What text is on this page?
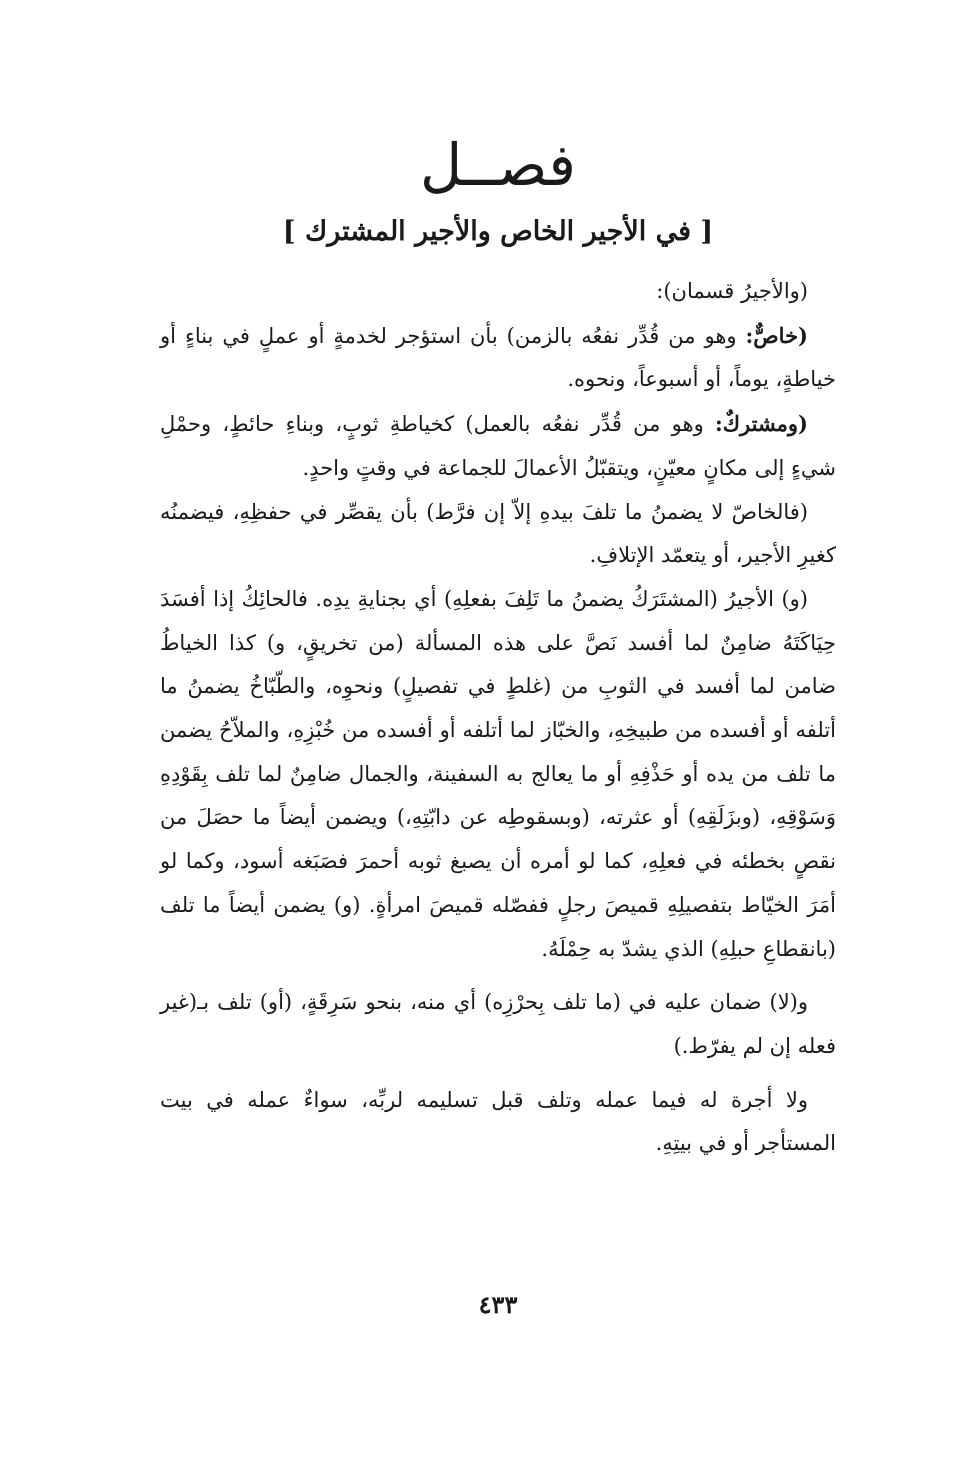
فصــل
[ في الأجير الخاص والأجير المشترك ]

(والأجيرُ قسمان):

(خاصٌّ: وهو من قُدِّر نفعُه بالزمن) بأن استؤجر لخدمةٍ أو عملٍ في بناءٍ أو خياطةٍ، يوماً، أو أسبوعاً، ونحوه.

(ومشتركٌ: وهو من قُدِّر نفعُه بالعمل) كخياطةِ ثوبٍ، وبناءِ حائطٍ، وحمْلِ شيءٍ إلى مكانٍ معيّنٍ، ويتقبّلُ الأعمالَ للجماعة في وقتٍ واحدٍ.

(فالخاصّ لا يضمنُ ما تلفَ بيدهِ إلاّ إن فرَّط) بأن يقصِّر في حفظِهِ، فيضمنُه كغيرِ الأجير، أو يتعمّد الإتلافِ.

(و) الأجيرُ (المشتَرَكُ يضمنُ ما تَلِفَ بفعلِهِ) أي بجنايةِ يدِه. فالحائِكُ إذا أفسَدَ حِيَاكَتَهُ ضامِنٌ لما أفسد نَصَّ على هذه المسألة (من تخريقٍ، و) كذا الخياطُ ضامن لما أفسد في الثوبِ من (غلطٍ في تفصيلٍ) ونحوِه، والطّبّاخُ يضمنُ ما أتلفه أو أفسده من طبيخِهِ، والخبّاز لما أتلفه أو أفسده من خُبْزِهِ، والملاّحُ يضمن ما تلف من يده أو حَذْفِهِ أو ما يعالج به السفينة، والجمال ضامِنٌ لما تلف بِقَوْدِهِ وَسَوْقِهِ، (وبزَلَقِهِ) أو عثرته، (وبسقوطِه عن دابّتِهِ،) ويضمن أيضاً ما حصَلَ من نقصٍ بخطئه في فعلِهِ، كما لو أمره أن يصبغ ثوبه أحمرَ فصَبَغه أسود، وكما لو أمَرَ الخيّاط بتفصيلِهِ قميصَ رجلٍ ففصّله قميصَ امرأةٍ. (و) يضمن أيضاً ما تلف (بانقطاعِ حبلِهِ) الذي يشدّ به حِمْلَهُ.

و(لا) ضمان عليه في (ما تلف بِحرْزِه) أي منه، بنحو سَرِقَةٍ، (أو) تلف بـ(غير فعله إن لم يفرّط.)

ولا أجرة له فيما عمله وتلف قبل تسليمه لربِّه، سواءٌ عمله في بيت المستأجر أو في بيتِهِ.

٤٣٣
